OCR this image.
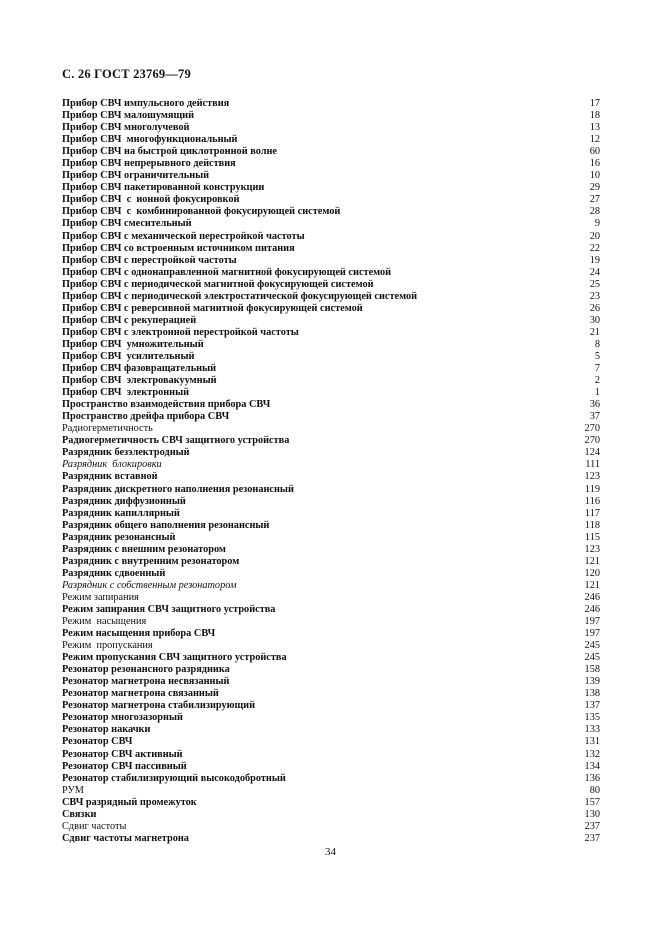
С. 26 ГОСТ 23769—79
Прибор СВЧ импульсного действия	17
Прибор СВЧ малошумящий	18
Прибор СВЧ многолучевой	13
Прибор СВЧ  многофункциональный	12
Прибор СВЧ на быстрой циклотронной волне	60
Прибор СВЧ непрерывного действия	16
Прибор СВЧ ограничительный	10
Прибор СВЧ пакетированной конструкции	29
Прибор СВЧ  с  ионной фокусировкой	27
Прибор СВЧ  с  комбинированной фокусирующей системой	28
Прибор СВЧ смесительный	9
Прибор СВЧ с механической перестройкой частоты	20
Прибор СВЧ со встроенным источником питания	22
Прибор СВЧ с перестройкой частоты	19
Прибор СВЧ с однонаправленной магнитной фокусирующей системой	24
Прибор СВЧ с периодической магнитной фокусирующей системой	25
Прибор СВЧ с периодической электростатической фокусирующей системой	23
Прибор СВЧ с реверсивной магнитной фокусирующей системой	26
Прибор СВЧ с рекуперацией	30
Прибор СВЧ с электронной перестройкой частоты	21
Прибор СВЧ  умножительный	8
Прибор СВЧ  усилительный	5
Прибор СВЧ фазовращательный	7
Прибор СВЧ  электровакуумный	2
Прибор СВЧ  электронный	1
Пространство взаимодействия прибора СВЧ	36
Пространство дрейфа прибора СВЧ	37
Радиогерметичность	270
Радиогерметичность СВЧ защитного устройства	270
Разрядник безэлектродный	124
Разрядник  блокировки	111
Разрядник вставной	123
Разрядник дискретного наполнения резонансный	119
Разрядник диффузионный	116
Разрядник капиллярный	117
Разрядник общего наполнения резонансный	118
Разрядник резонансный	115
Разрядник с внешним резонатором	123
Разрядник с внутренним резонатором	121
Разрядник сдвоенный	120
Разрядник с собственным резонатором	121
Режим запирания	246
Режим запирания СВЧ защитного устройства	246
Режим  насыщения	197
Режим насыщения прибора СВЧ	197
Режим  пропускания	245
Режим пропускания СВЧ защитного устройства	245
Резонатор резонансного разрядника	158
Резонатор магнетрона несвязанный	139
Резонатор магнетрона связанный	138
Резонатор магнетрона стабилизирующий	137
Резонатор многозазорный	135
Резонатор накачки	133
Резонатор СВЧ	131
Резонатор СВЧ активный	132
Резонатор СВЧ пассивный	134
Резонатор стабилизирующий высокодобротный	136
РУМ	80
СВЧ разрядный промежуток	157
Связки	130
Сдвиг частоты	237
Сдвиг частоты магнетрона	237
34
